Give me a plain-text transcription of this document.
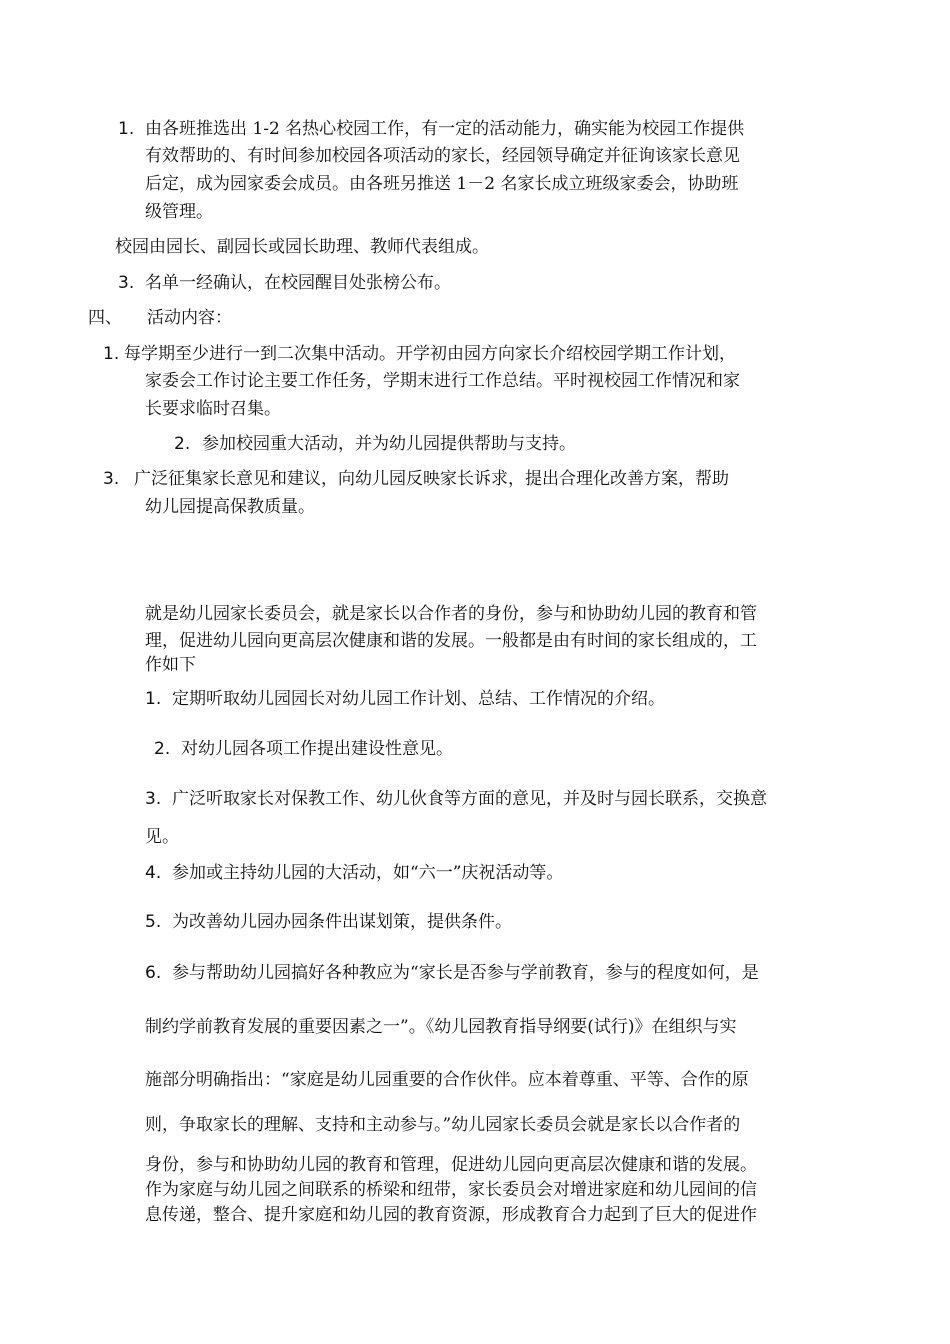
1. 由各班推选出 1-2 名热心校园工作，有一定的活动能力，确实能为校园工作提供
有效帮助的、有时间参加校园各项活动的家长，经园领导确定并征询该家长意见
后定，成为园家委会成员。由各班另推送 1－2 名家长成立班级家委会，协助班
级管理。
校园由园长、副园长或园长助理、教师代表组成。
3. 名单一经确认，在校园醒目处张榜公布。
四、 活动内容：
1. 每学期至少进行一到二次集中活动。开学初由园方向家长介绍校园学期工作计划，
家委会工作讨论主要工作任务，学期末进行工作总结。平时视校园工作情况和家
长要求临时召集。
2. 参加校园重大活动，并为幼儿园提供帮助与支持。
3. 广泛征集家长意见和建议，向幼儿园反映家长诉求，提出合理化改善方案，帮助
幼儿园提高保教质量。
就是幼儿园家长委员会，就是家长以合作者的身份，参与和协助幼儿园的教育和管
理，促进幼儿园向更高层次健康和谐的发展。一般都是由有时间的家长组成的，工
作如下
1. 定期听取幼儿园园长对幼儿园工作计划、总结、工作情况的介绍。
2. 对幼儿园各项工作提出建设性意见。
3. 广泛听取家长对保教工作、幼儿伙食等方面的意见，并及时与园长联系，交换意
见。
4. 参加或主持幼儿园的大活动，如“六一”庆祝活动等。
5. 为改善幼儿园办园条件出谋划策，提供条件。
6. 参与帮助幼儿园搞好各种教应为“家长是否参与学前教育，参与的程度如何，是
制约学前教育发展的重要因素之一”。《幼儿园教育指导纲要(试行)》在组织与实
施部分明确指出：“家庭是幼儿园重要的合作伙伴。应本着尊重、平等、合作的原
则，争取家长的理解、支持和主动参与。”幼儿园家长委员会就是家长以合作者的
身份，参与和协助幼儿园的教育和管理，促进幼儿园向更高层次健康和谐的发展。
作为家庭与幼儿园之间联系的桥梁和纽带，家长委员会对增进家庭和幼儿园间的信
息传递，整合、提升家庭和幼儿园的教育资源，形成教育合力起到了巨大的促进作
